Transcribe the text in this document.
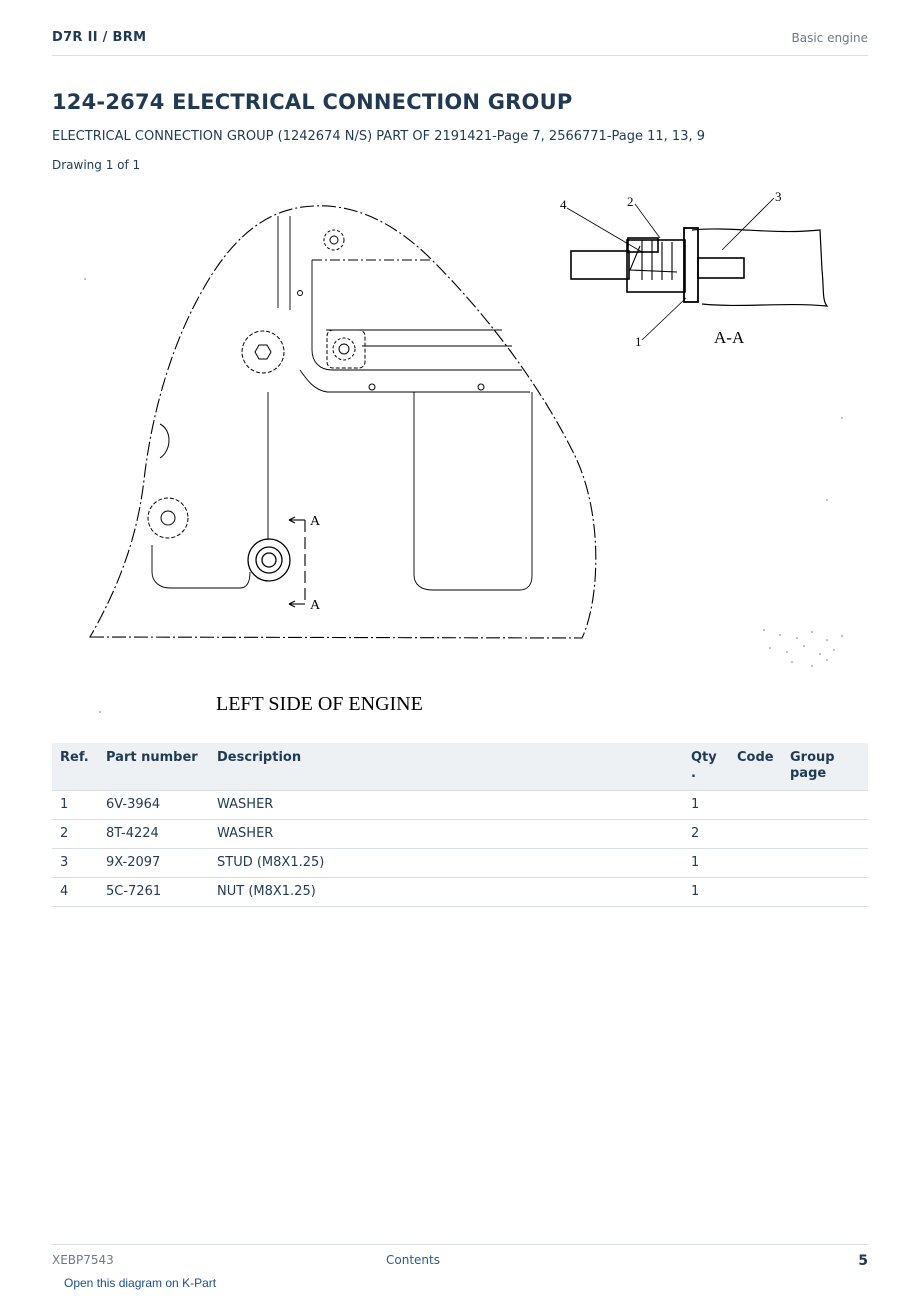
D7R II / BRM	Basic engine
124-2674 ELECTRICAL CONNECTION GROUP
ELECTRICAL CONNECTION GROUP (1242674 N/S) PART OF 2191421-Page 7, 2566771-Page 11, 13, 9
Drawing 1 of 1
A
A
4	2	3
1	A-A
LEFT SIDE OF ENGINE
Ref.	Part number	Description	Qty .	Code	Group page
1	6V-3964	WASHER	1		
2	8T-4224	WASHER	2		
3	9X-2097	STUD (M8X1.25)	1		
4	5C-7261	NUT (M8X1.25)	1		
XEBP7543	Contents	5
Open this diagram on K-Part
